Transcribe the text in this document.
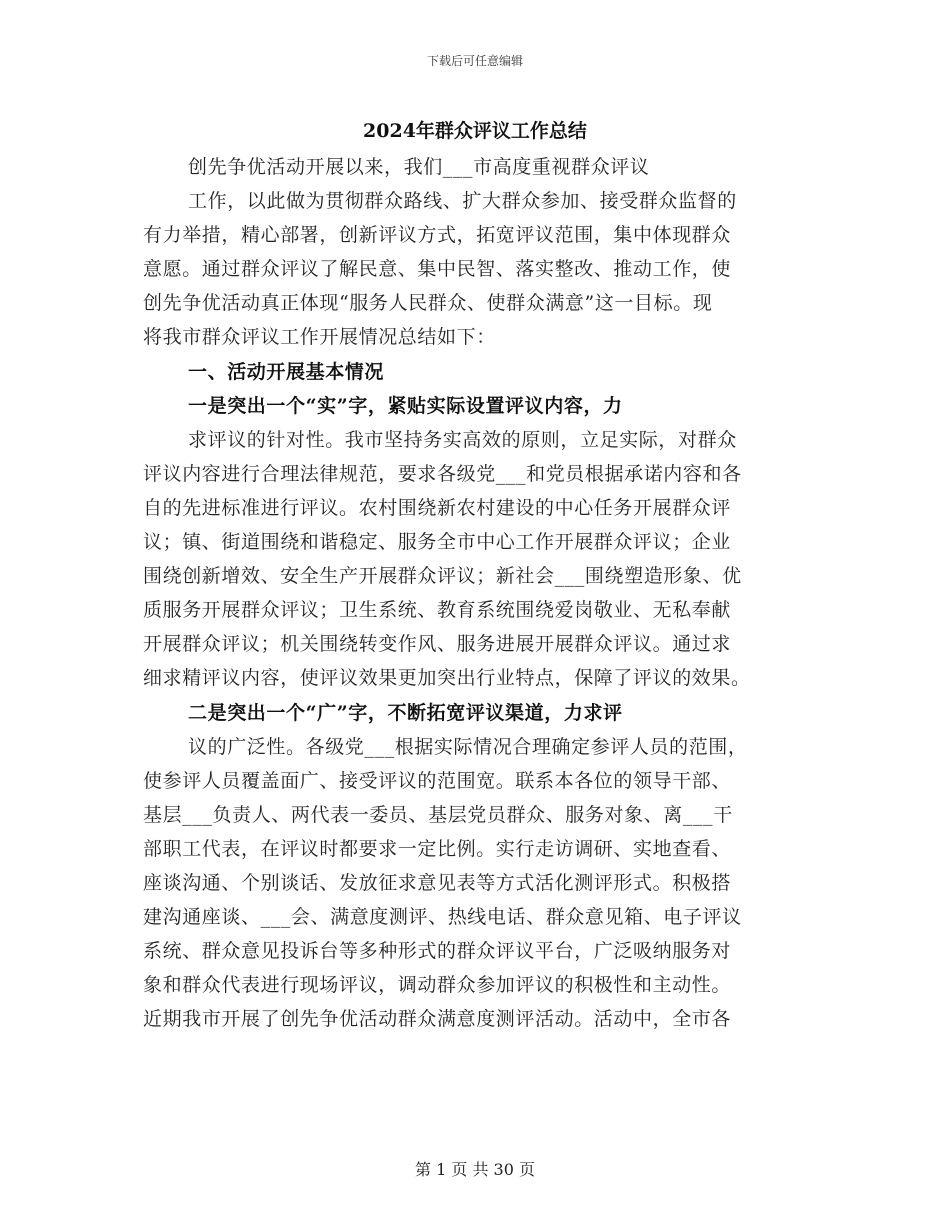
下载后可任意编辑
2024年群众评议工作总结
创先争优活动开展以来，我们___市高度重视群众评议
工作，以此做为贯彻群众路线、扩大群众参加、接受群众监督的
有力举措，精心部署，创新评议方式，拓宽评议范围，集中体现群众
意愿。通过群众评议了解民意、集中民智、落实整改、推动工作，使
创先争优活动真正体现“服务人民群众、使群众满意”这一目标。现
将我市群众评议工作开展情况总结如下：
一、活动开展基本情况
一是突出一个“实”字，紧贴实际设置评议内容，力
求评议的针对性。我市坚持务实高效的原则，立足实际，对群众
评议内容进行合理法律规范，要求各级党___和党员根据承诺内容和各
自的先进标准进行评议。农村围绕新农村建设的中心任务开展群众评
议；镇、街道围绕和谐稳定、服务全市中心工作开展群众评议；企业
围绕创新增效、安全生产开展群众评议；新社会___围绕塑造形象、优
质服务开展群众评议；卫生系统、教育系统围绕爱岗敬业、无私奉献
开展群众评议；机关围绕转变作风、服务进展开展群众评议。通过求
细求精评议内容，使评议效果更加突出行业特点，保障了评议的效果。
二是突出一个“广”字，不断拓宽评议渠道，力求评
议的广泛性。各级党___根据实际情况合理确定参评人员的范围，
使参评人员覆盖面广、接受评议的范围宽。联系本各位的领导干部、
基层___负责人、两代表一委员、基层党员群众、服务对象、离___干
部职工代表，在评议时都要求一定比例。实行走访调研、实地查看、
座谈沟通、个别谈话、发放征求意见表等方式活化测评形式。积极搭
建沟通座谈、___会、满意度测评、热线电话、群众意见箱、电子评议
系统、群众意见投诉台等多种形式的群众评议平台，广泛吸纳服务对
象和群众代表进行现场评议，调动群众参加评议的积极性和主动性。
近期我市开展了创先争优活动群众满意度测评活动。活动中，全市各
第 1 页 共 30 页
